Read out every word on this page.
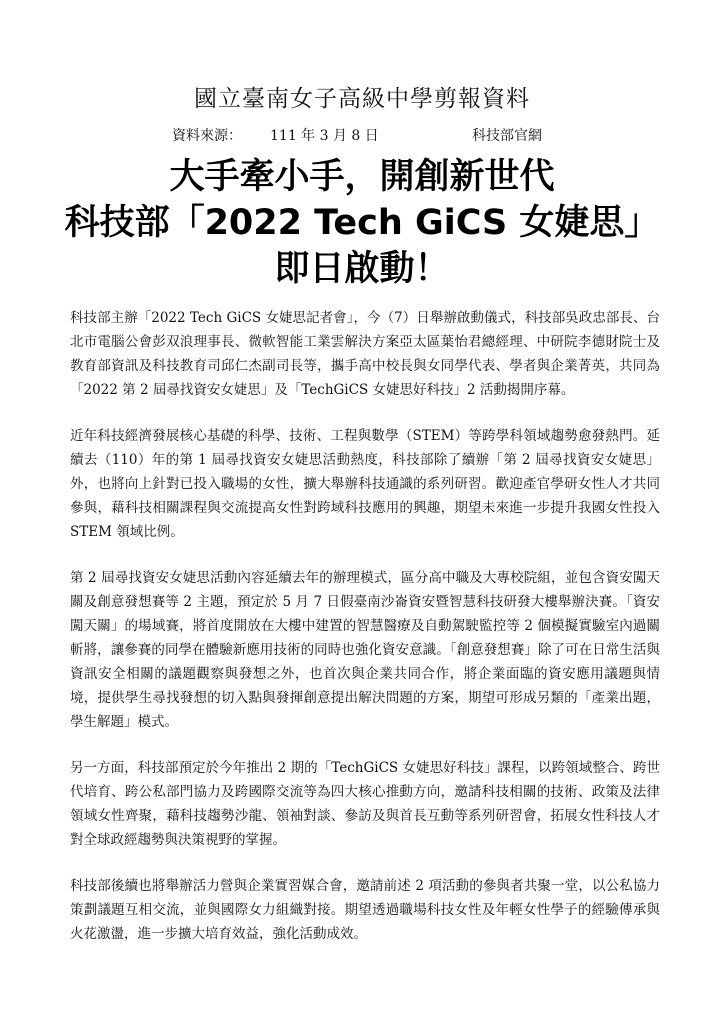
國立臺南女子高級中學剪報資料
資料來源： 111 年 3 月 8 日	科技部官網
大手牽小手，開創新世代
科技部「2022 Tech GiCS 女婕思」
即日啟動！

科技部主辦「2022 Tech GiCS 女婕思記者會」，今（7）日舉辦啟動儀式，科技部吳政忠部長、台北市電腦公會彭双浪理事長、微軟智能工業雲解決方案亞太區葉怡君總經理、中研院李德財院士及教育部資訊及科技教育司邱仁杰副司長等，攜手高中校長與女同學代表、學者與企業菁英，共同為「2022 第 2 屆尋找資安女婕思」及「TechGiCS 女婕思好科技」2 活動揭開序幕。

近年科技經濟發展核心基礎的科學、技術、工程與數學（STEM）等跨學科領域趨勢愈發熱門。延續去（110）年的第 1 屆尋找資安女婕思活動熱度，科技部除了續辦「第 2 屆尋找資安女婕思」外，也將向上針對已投入職場的女性，擴大舉辦科技通識的系列研習。歡迎產官學研女性人才共同參與，藉科技相關課程與交流提高女性對跨域科技應用的興趣，期望未來進一步提升我國女性投入 STEM 領域比例。

第 2 屆尋找資安女婕思活動內容延續去年的辦理模式，區分高中職及大專校院組，並包含資安闖天關及創意發想賽等 2 主題，預定於 5 月 7 日假臺南沙崙資安暨智慧科技研發大樓舉辦決賽。「資安闖天關」的場域賽，將首度開放在大樓中建置的智慧醫療及自動駕駛監控等 2 個模擬實驗室內過關斬將，讓參賽的同學在體驗新應用技術的同時也強化資安意識。「創意發想賽」除了可在日常生活與資訊安全相關的議題觀察與發想之外，也首次與企業共同合作，將企業面臨的資安應用議題與情境，提供學生尋找發想的切入點與發揮創意提出解決問題的方案，期望可形成另類的「產業出題，學生解題」模式。

另一方面，科技部預定於今年推出 2 期的「TechGiCS 女婕思好科技」課程，以跨領域整合、跨世代培育、跨公私部門協力及跨國際交流等為四大核心推動方向，邀請科技相關的技術、政策及法律領域女性齊聚，藉科技趨勢沙龍、領袖對談、參訪及與首長互動等系列研習會，拓展女性科技人才對全球政經趨勢與決策視野的掌握。

科技部後續也將舉辦活力營與企業實習媒合會，邀請前述 2 項活動的參與者共聚一堂，以公私協力策劃議題互相交流，並與國際女力組織對接。期望透過職場科技女性及年輕女性學子的經驗傳承與火花激盪，進一步擴大培育效益，強化活動成效。
